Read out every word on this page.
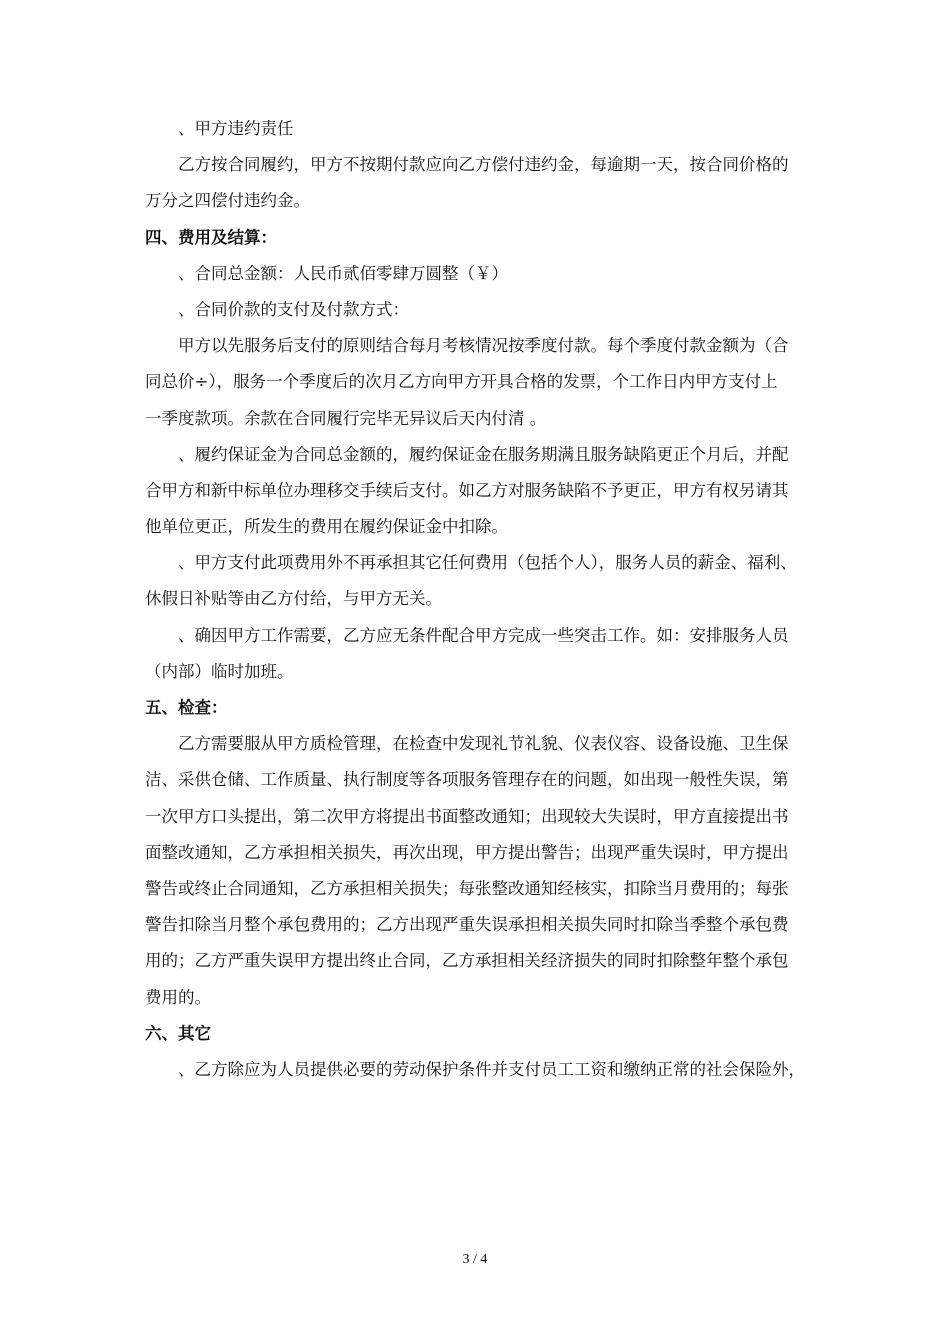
、甲方违约责任
乙方按合同履约，甲方不按期付款应向乙方偿付违约金，每逾期一天，按合同价格的
万分之四偿付违约金。
四、费用及结算：
、合同总金额：人民币贰佰零肆万圆整（￥）
、合同价款的支付及付款方式：
甲方以先服务后支付的原则结合每月考核情况按季度付款。每个季度付款金额为（合
同总价÷），服务一个季度后的次月乙方向甲方开具合格的发票，个工作日内甲方支付上
一季度款项。余款在合同履行完毕无异议后天内付清 。
、履约保证金为合同总金额的，履约保证金在服务期满且服务缺陷更正个月后，并配
合甲方和新中标单位办理移交手续后支付。如乙方对服务缺陷不予更正，甲方有权另请其
他单位更正，所发生的费用在履约保证金中扣除。
、甲方支付此项费用外不再承担其它任何费用（包括个人），服务人员的薪金、福利、
休假日补贴等由乙方付给，与甲方无关。
、确因甲方工作需要，乙方应无条件配合甲方完成一些突击工作。如：安排服务人员
（内部）临时加班。
五、检查：
乙方需要服从甲方质检管理，在检查中发现礼节礼貌、仪表仪容、设备设施、卫生保
洁、采供仓储、工作质量、执行制度等各项服务管理存在的问题，如出现一般性失误，第
一次甲方口头提出，第二次甲方将提出书面整改通知；出现较大失误时，甲方直接提出书
面整改通知，乙方承担相关损失，再次出现，甲方提出警告；出现严重失误时，甲方提出
警告或终止合同通知，乙方承担相关损失；每张整改通知经核实，扣除当月费用的；每张
警告扣除当月整个承包费用的；乙方出现严重失误承担相关损失同时扣除当季整个承包费
用的；乙方严重失误甲方提出终止合同，乙方承担相关经济损失的同时扣除整年整个承包
费用的。
六、其它
、乙方除应为人员提供必要的劳动保护条件并支付员工工资和缴纳正常的社会保险外，
3 / 4
